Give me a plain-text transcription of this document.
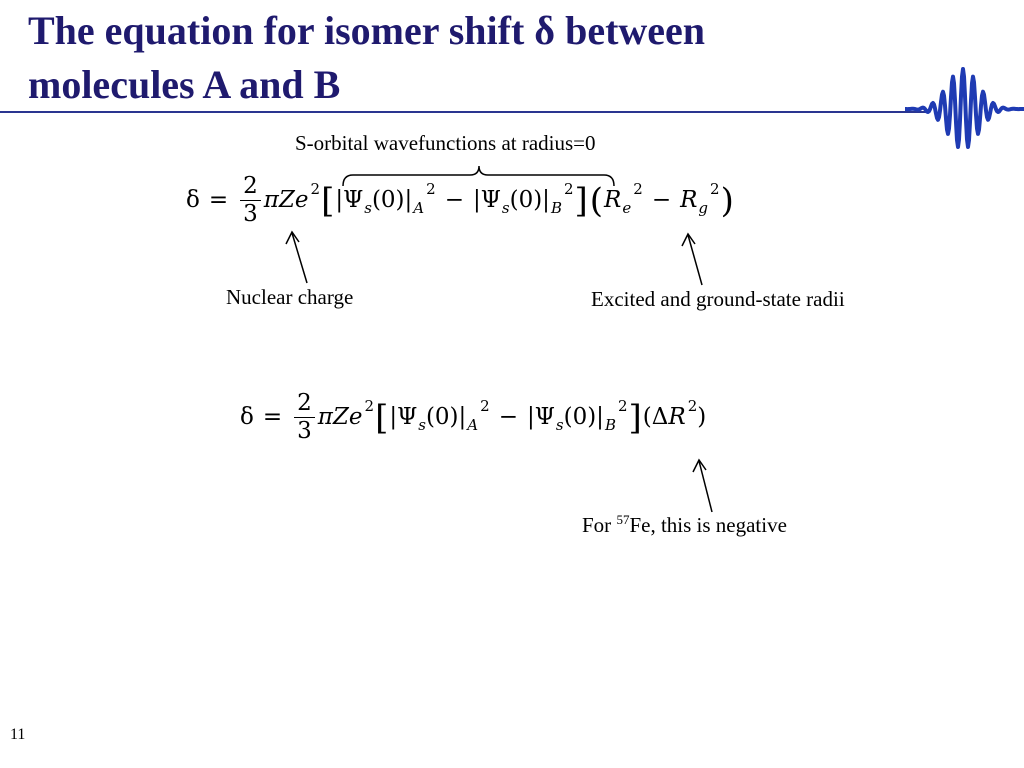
The equation for isomer shift δ between
molecules A and B
S-orbital wavefunctions at radius=0
$\delta = \frac{2}{3}$ π Z e 2 [ |Ψ s (0)| A
2 − |Ψ s (0)| B
2 ] ( R e
2 − R g
2 )
Nuclear charge	Excited and ground-state radii
$\delta = \frac{2}{3}$ π Z e 2 [ |Ψ s (0)| A
2 − |Ψ s (0)| B
2 ] (Δ R 2 )
For $^{57}$Fe, this is negative
11
